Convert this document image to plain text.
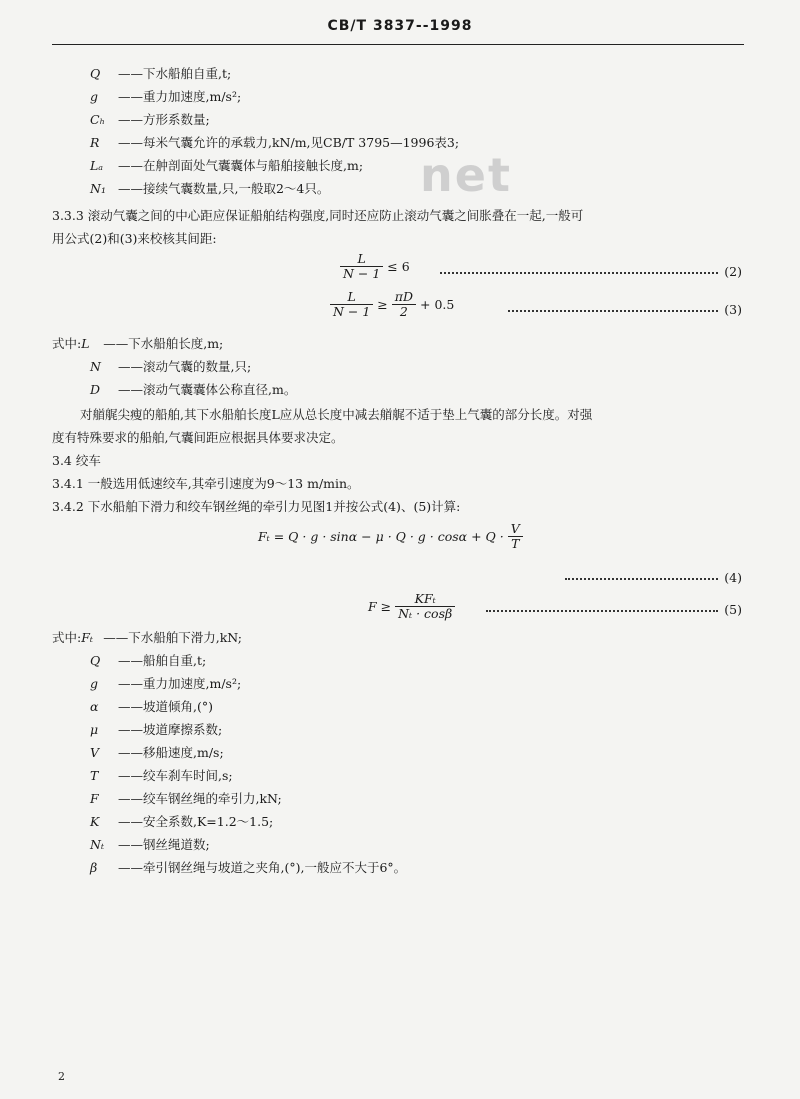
CB/T 3837--1998
net
Q ——下水船舶自重,t;
g ——重力加速度,m/s²;
Cₕ ——方形系数量;
R ——每米气囊允许的承载力,kN/m,见CB/T 3795—1996表3;
Lₐ ——在舯剖面处气囊囊体与船舶接触长度,m;
N₁ ——接续气囊数量,只,一般取2～4只。
3.3.3 滚动气囊之间的中心距应保证船舶结构强度,同时还应防止滚动气囊之间胀叠在一起,一般可
用公式(2)和(3)来校核其间距:
$\frac{L}{N - 1} \le 6$	(2)
$\frac{L}{N - 1} \ge \frac{\pi D}{2} + 0.5$	(3)
式中:L ——下水船舶长度,m;
N ——滚动气囊的数量,只;
D ——滚动气囊囊体公称直径,m。
对艏艉尖瘦的船舶,其下水船舶长度L应从总长度中减去艏艉不适于垫上气囊的部分长度。对强
度有特殊要求的船舶,气囊间距应根据具体要求决定。
3.4 绞车
3.4.1 一般选用低速绞车,其牵引速度为9～13 m/min。
3.4.2 下水船舶下滑力和绞车钢丝绳的牵引力见图1并按公式(4)、(5)计算:
$F_t = Q \cdot g \cdot \sin\alpha - \mu \cdot Q \cdot g \cdot \cos\alpha + Q \cdot \frac{V}{T}$
(4)
$F \ge \frac{\text{KFₜ}}{\text{Nₜ · cosβ}}$	(5)
式中:Fₜ ——下水船舶下滑力,kN;
Q ——船舶自重,t;
g ——重力加速度,m/s²;
α ——坡道倾角,(°)
μ ——坡道摩擦系数;
V ——移船速度,m/s;
T ——绞车刹车时间,s;
F ——绞车钢丝绳的牵引力,kN;
K ——安全系数,K=1.2～1.5;
Nₜ ——钢丝绳道数;
β ——牵引钢丝绳与坡道之夹角,(°),一般应不大于6°。
2
